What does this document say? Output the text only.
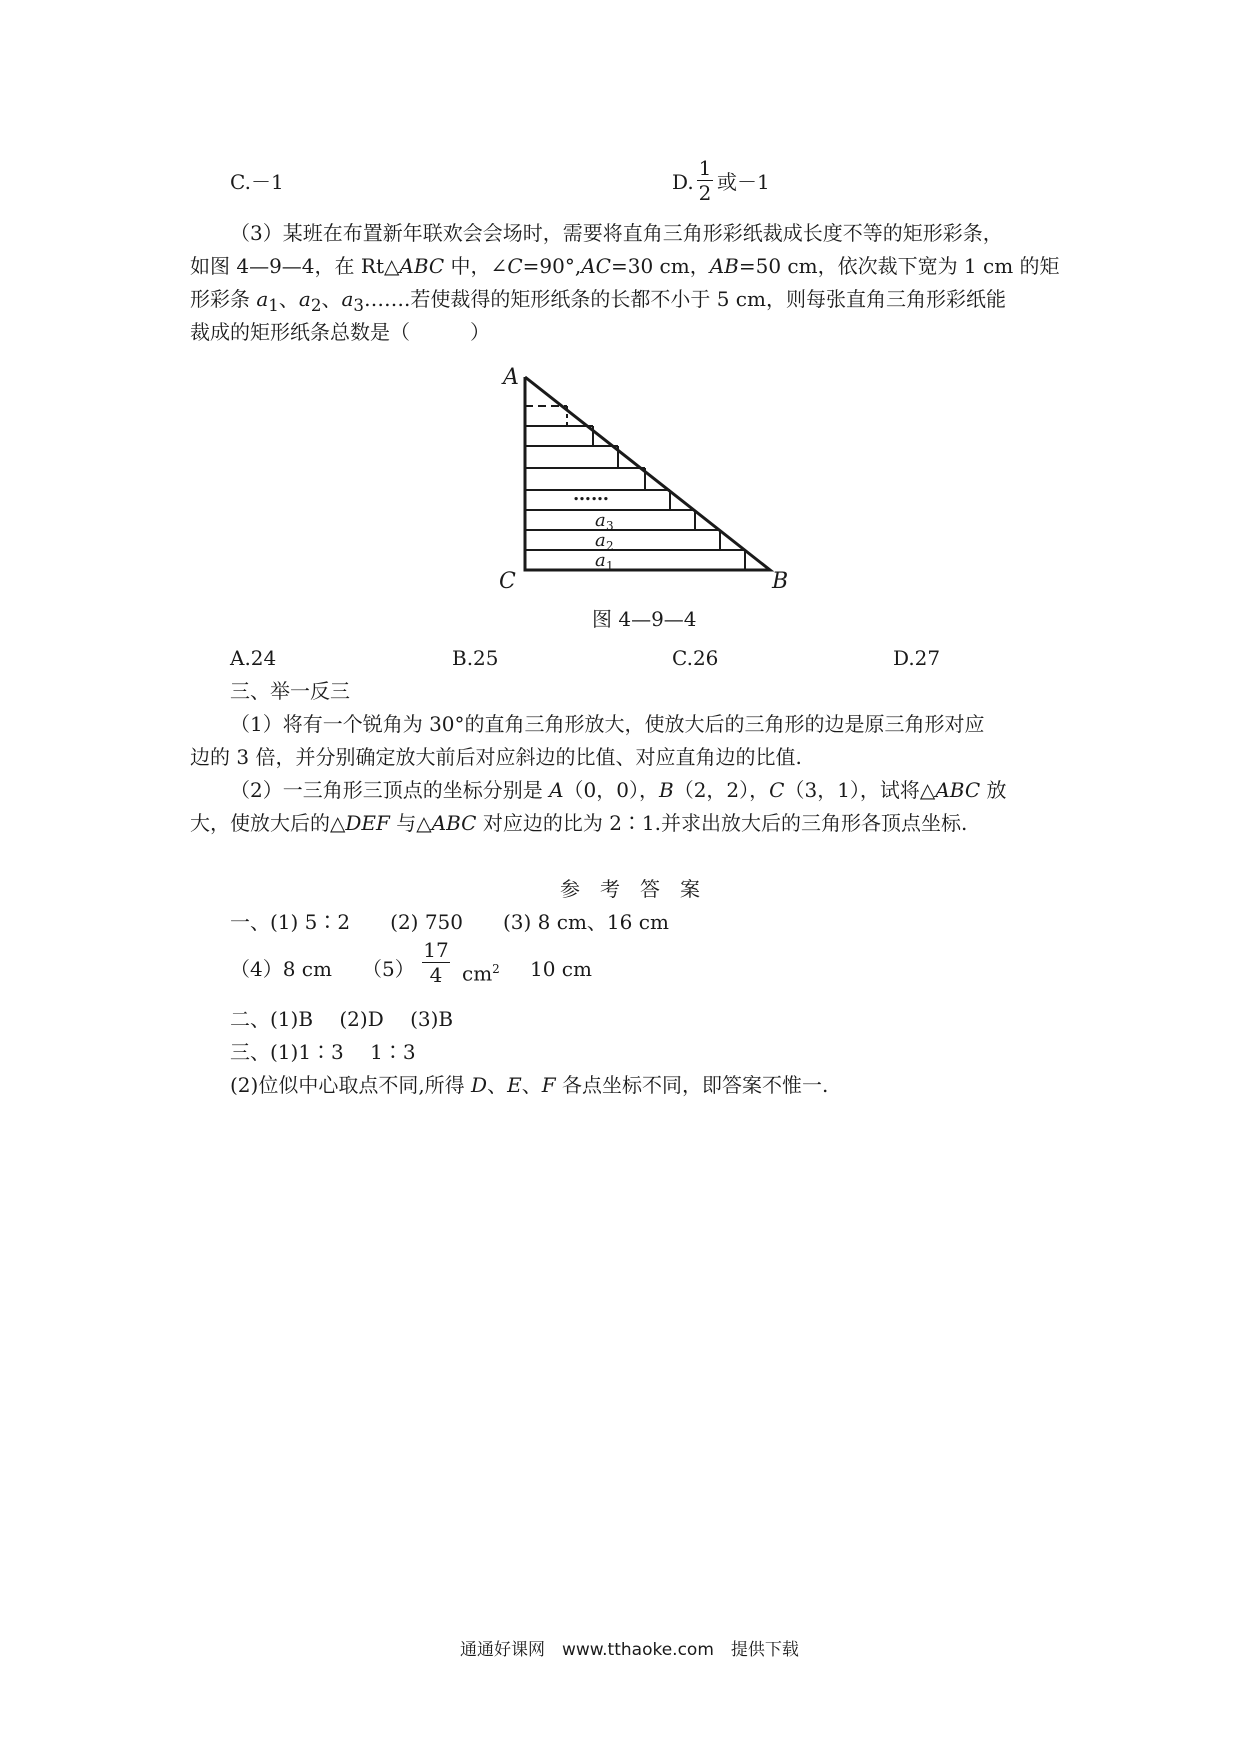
C.－1	D.
1
2 或－1
（3）某班在布置新年联欢会会场时，需要将直角三角形彩纸裁成长度不等的矩形彩条，
如图 4—9—4，在 Rt△ABC 中，∠C=90°,AC=30 cm，AB=50 cm，依次裁下宽为 1 cm 的矩
形彩条 $a_1$、$a_2$、$a_3\dots\dots$.若使裁得的矩形纸条的长都不小于 5 cm，则每张直角三角形彩纸能
裁成的矩形纸条总数是（　　　）
A
B
C
a 1
a 2
a 3
……
图 4—9—4
A.24	B.25	C.26	D.27
三、举一反三
（1）将有一个锐角为 30°的直角三角形放大，使放大后的三角形的边是原三角形对应
边的 3 倍，并分别确定放大前后对应斜边的比值、对应直角边的比值.
（2）一三角形三顶点的坐标分别是 A（0，0），B（2，2），C（3，1），试将△ABC 放
大，使放大后的△DEF 与△ABC 对应边的比为 2∶1.并求出放大后的三角形各顶点坐标.
参　考　答　案
一、(1) 5∶2　　(2) 750　　(3) 8 cm、16 cm
（4）8 cm　　（5）
17
4 $cm^2$ 10 cm
二、(1)B　 (2)D　 (3)B
三、(1)1∶3　 1∶3
(2)位似中心取点不同,所得 D、E、F 各点坐标不同，即答案不惟一.
通通好课网　www.tthaoke.com　提供下载
